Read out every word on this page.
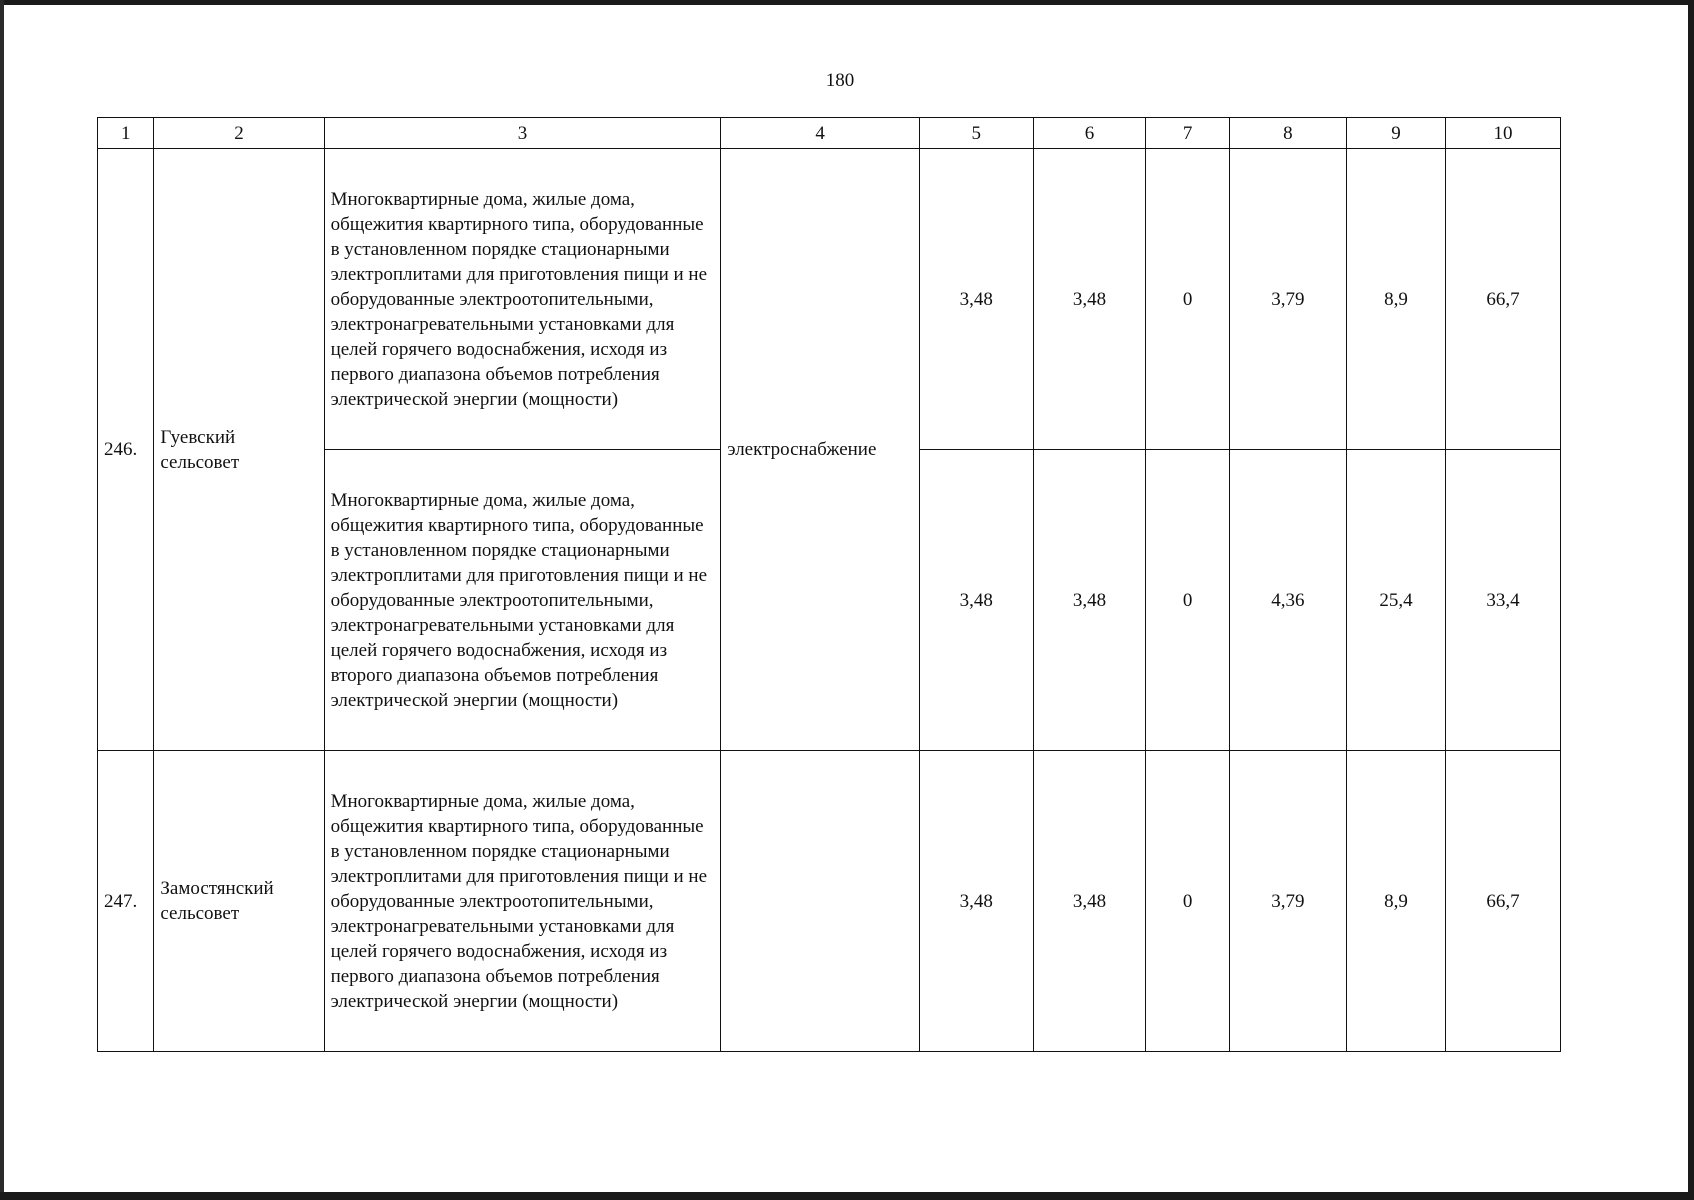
180
1	2	3	4	5	6	7	8	9	10
246.	Гуевский сельсовет	Многоквартирные дома, жилые дома, общежития квартирного типа, оборудованные в установленном порядке стационарными электроплитами для приготовления пищи и не оборудованные электроотопительными, электронагревательными установками для целей горячего водоснабжения, исходя из первого диапазона объемов потребления электрической энергии (мощности)	электроснабжение	3,48	3,48	0	3,79	8,9	66,7
		Многоквартирные дома, жилые дома, общежития квартирного типа, оборудованные в установленном порядке стационарными электроплитами для приготовления пищи и не оборудованные электроотопительными, электронагревательными установками для целей горячего водоснабжения, исходя из второго диапазона объемов потребления электрической энергии (мощности)		3,48	3,48	0	4,36	25,4	33,4
247.	Замостянский сельсовет	Многоквартирные дома, жилые дома, общежития квартирного типа, оборудованные в установленном порядке стационарными электроплитами для приготовления пищи и не оборудованные электроотопительными, электронагревательными установками для целей горячего водоснабжения, исходя из первого диапазона объемов потребления электрической энергии (мощности)		3,48	3,48	0	3,79	8,9	66,7
